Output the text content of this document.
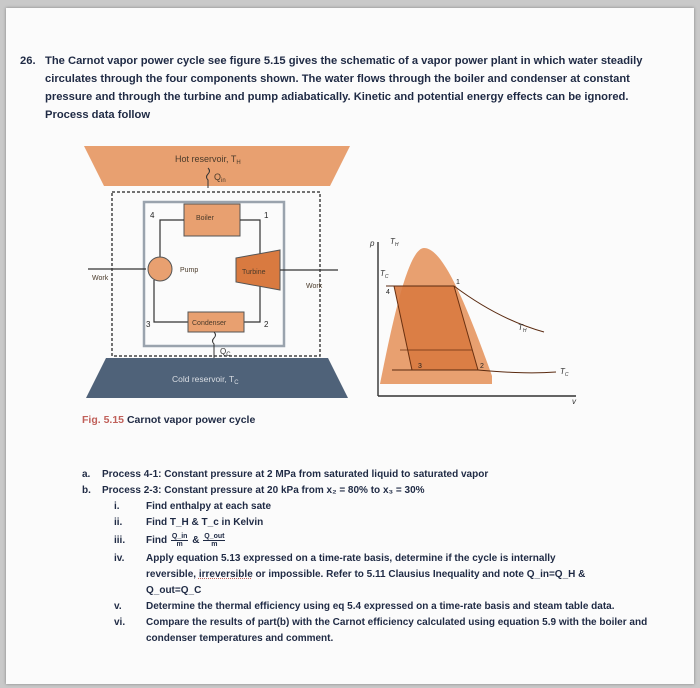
26. The Carnot vapor power cycle see figure 5.15 gives the schematic of a vapor power plant in which water steadily circulates through the four components shown. The water flows through the boiler and condenser at constant pressure and through the turbine and pump adiabatically. Kinetic and potential energy effects can be ignored. Process data follow
Hot reservoir, $T_H$
$Q_{in}$
Boiler
Pump	Turbine
Work
Work
Condenser
4	1
3	2
$Q_C$
Cold reservoir, $T_C$
p
v
$T_H$
$T_C$
$T_H$
$T_C$
1
4
3	2
Fig. 5.15 Carnot vapor power cycle
a.	Process 4-1: Constant pressure at 2 MPa from saturated liquid to saturated vapor
b.	Process 2-3: Constant pressure at 20 kPa from x₂ = 80% to x₃ = 30%
i.	Find enthalpy at each sate
ii.	Find T_H & T_c in Kelvin
iii.	Find $\frac{Q\_in}{m}$ & $\frac{\text{Q\_out}}{m}$
iv.	Apply equation 5.13 expressed on a time-rate basis, determine if the cycle is internally
reversible, irreversible or impossible. Refer to 5.11 Clausius Inequality and note Q_in=Q_H &
Q_out=Q_C
v.	Determine the thermal efficiency using eq 5.4 expressed on a time-rate basis and steam table data.
vi.	Compare the results of part(b) with the Carnot efficiency calculated using equation 5.9 with the boiler and condenser temperatures and comment.
